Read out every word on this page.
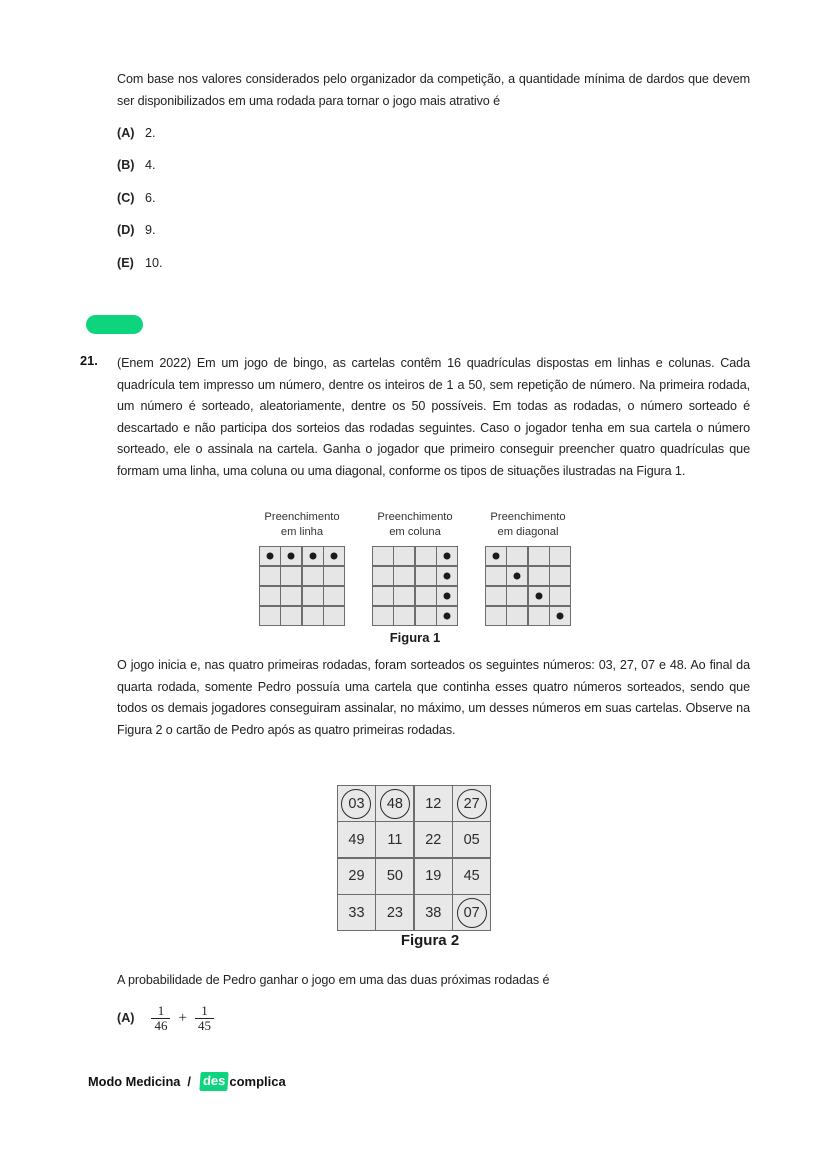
Com base nos valores considerados pelo organizador da competição, a quantidade mínima de dardos que devem ser disponibilizados em uma rodada para tornar o jogo mais atrativo é
(A) 2.
(B) 4.
(C) 6.
(D) 9.
(E) 10.
21. (Enem 2022) Em um jogo de bingo, as cartelas contêm 16 quadrículas dispostas em linhas e colunas. Cada quadrícula tem impresso um número, dentre os inteiros de 1 a 50, sem repetição de número. Na primeira rodada, um número é sorteado, aleatoriamente, dentre os 50 possíveis. Em todas as rodadas, o número sorteado é descartado e não participa dos sorteios das rodadas seguintes. Caso o jogador tenha em sua cartela o número sorteado, ele o assinala na cartela. Ganha o jogador que primeiro conseguir preencher quatro quadrículas que formam uma linha, uma coluna ou uma diagonal, conforme os tipos de situações ilustradas na Figura 1.
Preenchimento
em linha
Preenchimento
em coluna
Preenchimento
em diagonal
Figura 1
O jogo inicia e, nas quatro primeiras rodadas, foram sorteados os seguintes números: 03, 27, 07 e 48. Ao final da quarta rodada, somente Pedro possuía uma cartela que continha esses quatro números sorteados, sendo que todos os demais jogadores conseguiram assinalar, no máximo, um desses números em suas cartelas. Observe na Figura 2 o cartão de Pedro após as quatro primeiras rodadas.
03 48 12 27
49 11 22 05
29 50 19 45
33 23 38 07
Figura 2
A probabilidade de Pedro ganhar o jogo em uma das duas próximas rodadas é
$(A) \frac{1}{46} + \frac{1}{45}$
Modo Medicina / des complica
